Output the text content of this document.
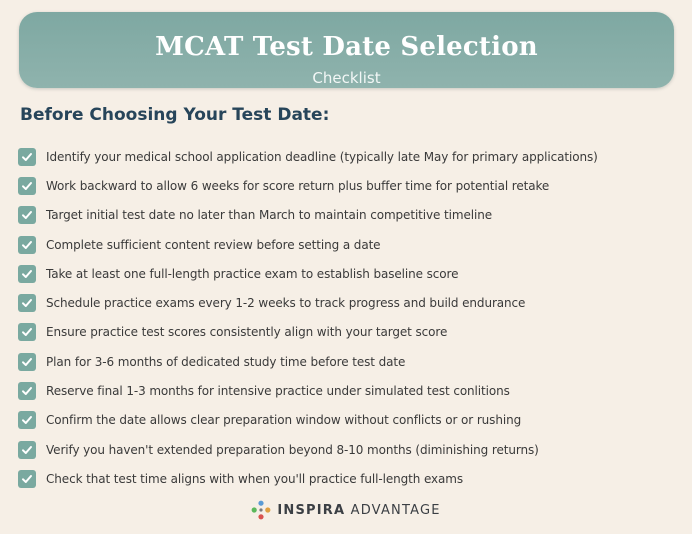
MCAT Test Date Selection
Checklist
Before Choosing Your Test Date:
Identify your medical school application deadline (typically late May for primary applications)
Work backward to allow 6 weeks for score return plus buffer time for potential retake
Target initial test date no later than March to maintain competitive timeline
Complete sufficient content review before setting a date
Take at least one full-length practice exam to establish baseline score
Schedule practice exams every 1-2 weeks to track progress and build endurance
Ensure practice test scores consistently align with your target score
Plan for 3-6 months of dedicated study time before test date
Reserve final 1-3 months for intensive practice under simulated test conlitions
Confirm the date allows clear preparation window without conflicts or or rushing
Verify you haven't extended preparation beyond 8-10 months (diminishing returns)
Check that test time aligns with when you'll practice full-length exams
INSPIRA ADVANTAGE
